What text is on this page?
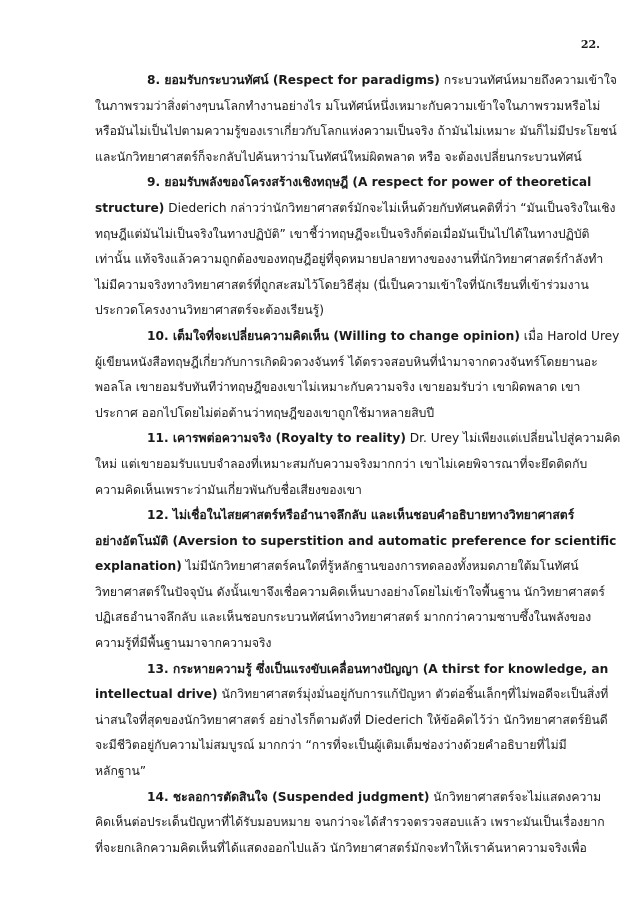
22.
8. ยอมรับกระบวนทัศน์ (Respect for paradigms) กระบวนทัศน์หมายถึงความเข้าใจ
ในภาพรวมว่าสิ่งต่างๆบนโลกทำงานอย่างไร มโนทัศน์หนึ่งเหมาะกับความเข้าใจในภาพรวมหรือไม่
หรือมันไม่เป็นไปตามความรู้ของเราเกี่ยวกับโลกแห่งความเป็นจริง ถ้ามันไม่เหมาะ มันก็ไม่มีประโยชน์
และนักวิทยาศาสตร์ก็จะกลับไปค้นหาว่ามโนทัศน์ใหม่ผิดพลาด หรือ จะต้องเปลี่ยนกระบวนทัศน์
9. ยอมรับพลังของโครงสร้างเชิงทฤษฎี (A respect for power of theoretical
structure) Diederich กล่าวว่านักวิทยาศาสตร์มักจะไม่เห็นด้วยกับทัศนคติที่ว่า “มันเป็นจริงในเชิง
ทฤษฎีแต่มันไม่เป็นจริงในทางปฏิบัติ” เขาชี้ว่าทฤษฎีจะเป็นจริงก็ต่อเมื่อมันเป็นไปได้ในทางปฏิบัติ
เท่านั้น แท้จริงแล้วความถูกต้องของทฤษฎีอยู่ที่จุดหมายปลายทางของงานที่นักวิทยาศาสตร์กำลังทำ
ไม่มีความจริงทางวิทยาศาสตร์ที่ถูกสะสมไว้โดยวิธีสุ่ม (นี่เป็นความเข้าใจที่นักเรียนที่เข้าร่วมงาน
ประกวดโครงงานวิทยาศาสตร์จะต้องเรียนรู้)
10. เต็มใจที่จะเปลี่ยนความคิดเห็น (Willing to change opinion) เมื่อ Harold Urey
ผู้เขียนหนังสือทฤษฎีเกี่ยวกับการเกิดผิวดวงจันทร์ ได้ตรวจสอบหินที่นำมาจากดวงจันทร์โดยยานอะ
พอลโล เขายอมรับทันทีว่าทฤษฎีของเขาไม่เหมาะกับความจริง เขายอมรับว่า เขาผิดพลาด เขา
ประกาศ ออกไปโดยไม่ต่อต้านว่าทฤษฎีของเขาถูกใช้มาหลายสิบปี
11. เคารพต่อความจริง (Royalty to reality) Dr. Urey ไม่เพียงแต่เปลี่ยนไปสู่ความคิด
ใหม่ แต่เขายอมรับแบบจำลองที่เหมาะสมกับความจริงมากกว่า เขาไม่เคยพิจารณาที่จะยึดติดกับ
ความคิดเห็นเพราะว่ามันเกี่ยวพันกับชื่อเสียงของเขา
12. ไม่เชื่อในไสยศาสตร์หรืออำนาจลึกลับ และเห็นชอบคำอธิบายทางวิทยาศาสตร์
อย่างอัตโนมัติ (Aversion to superstition and automatic preference for scientific
explanation) ไม่มีนักวิทยาศาสตร์คนใดที่รู้หลักฐานของการทดลองทั้งหมดภายใต้มโนทัศน์
วิทยาศาสตร์ในปัจจุบัน ดังนั้นเขาจึงเชื่อความคิดเห็นบางอย่างโดยไม่เข้าใจพื้นฐาน นักวิทยาศาสตร์
ปฏิเสธอำนาจลึกลับ และเห็นชอบกระบวนทัศน์ทางวิทยาศาสตร์ มากกว่าความซาบซึ้งในพลังของ
ความรู้ที่มีพื้นฐานมาจากความจริง
13. กระหายความรู้ ซึ่งเป็นแรงขับเคลื่อนทางปัญญา (A thirst for knowledge, an
intellectual drive) นักวิทยาศาสตร์มุ่งมั่นอยู่กับการแก้ปัญหา ตัวต่อชิ้นเล็กๆที่ไม่พอดีจะเป็นสิ่งที่
น่าสนใจที่สุดของนักวิทยาศาสตร์ อย่างไรก็ตามดังที่ Diederich ให้ข้อคิดไว้ว่า นักวิทยาศาสตร์ยินดี
จะมีชีวิตอยู่กับความไม่สมบูรณ์ มากกว่า “การที่จะเป็นผู้เติมเต็มช่องว่างด้วยคำอธิบายที่ไม่มี
หลักฐาน”
14. ชะลอการตัดสินใจ (Suspended judgment) นักวิทยาศาสตร์จะไม่แสดงความ
คิดเห็นต่อประเด็นปัญหาที่ได้รับมอบหมาย จนกว่าจะได้สำรวจตรวจสอบแล้ว เพราะมันเป็นเรื่องยาก
ที่จะยกเลิกความคิดเห็นที่ได้แสดงออกไปแล้ว นักวิทยาศาสตร์มักจะทำให้เราค้นหาความจริงเพื่อ
